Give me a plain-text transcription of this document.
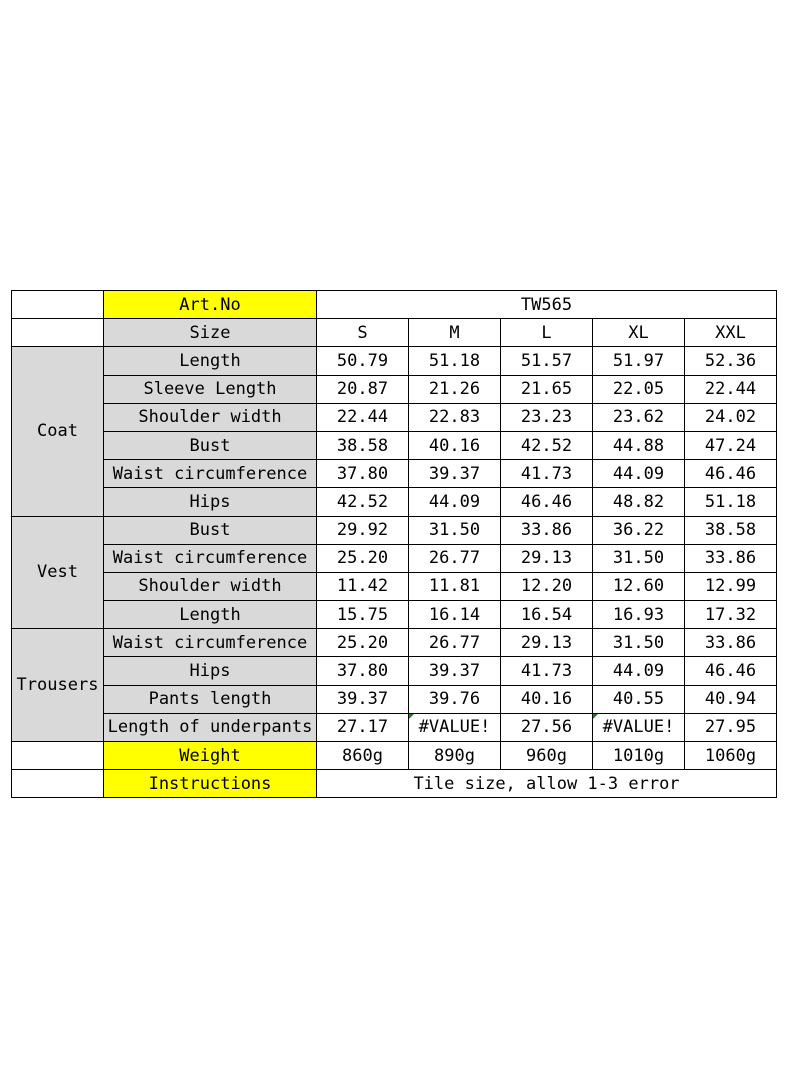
	Art.No	TW565				
	Size	S	M	L	XL	XXL
Coat	Length	50.79	51.18	51.57	51.97	52.36
	Sleeve Length	20.87	21.26	21.65	22.05	22.44
	Shoulder width	22.44	22.83	23.23	23.62	24.02
	Bust	38.58	40.16	42.52	44.88	47.24
	Waist circumference	37.80	39.37	41.73	44.09	46.46
	Hips	42.52	44.09	46.46	48.82	51.18
Vest	Bust	29.92	31.50	33.86	36.22	38.58
	Waist circumference	25.20	26.77	29.13	31.50	33.86
	Shoulder width	11.42	11.81	12.20	12.60	12.99
	Length	15.75	16.14	16.54	16.93	17.32
Trousers	Waist circumference	25.20	26.77	29.13	31.50	33.86
	Hips	37.80	39.37	41.73	44.09	46.46
	Pants length	39.37	39.76	40.16	40.55	40.94
	Length of underpants	27.17	#VALUE!	27.56	#VALUE!	27.95
	Weight	860g	890g	960g	1010g	1060g
	Instructions	Tile size, allow 1-3 error				
